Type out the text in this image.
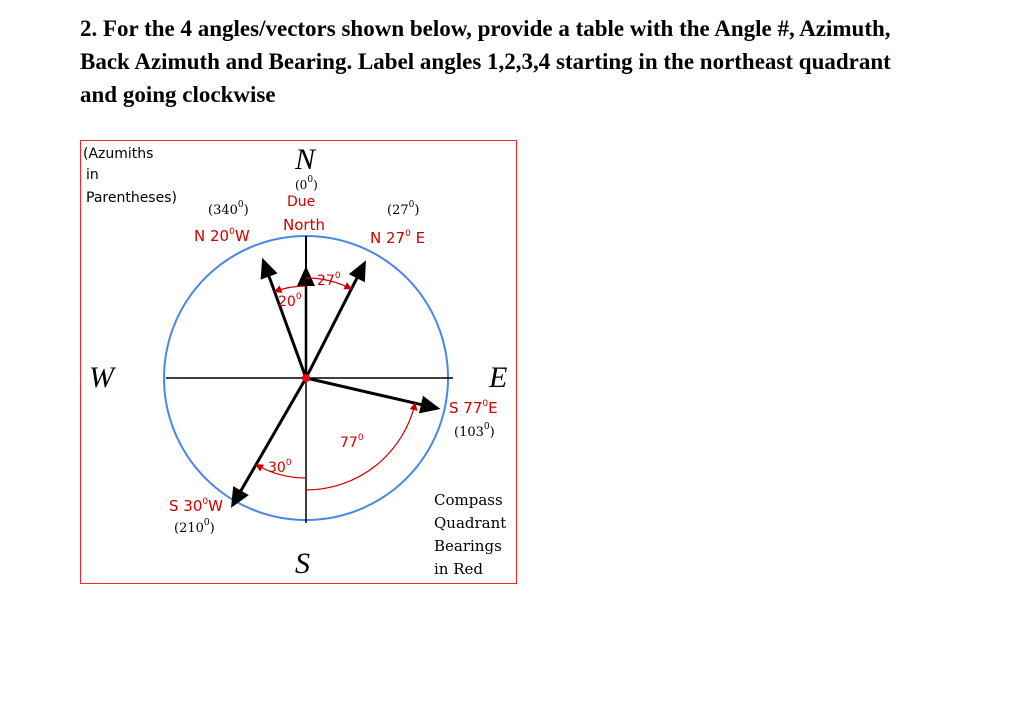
2. For the 4 angles/vectors shown below, provide a table with the Angle #, Azimuth,
Back Azimuth and Bearing. Label angles 1,2,3,4 starting in the northeast quadrant
and going clockwise
(Azumiths
in
Parentheses)
Compass
Quadrant
Bearings
in Red
N
S
E
W
$(0^0)$
Due
North
$(27^0)$
N $27^0$ E
$27^0$
$(340^0)$
N $20^0W$
$20^0$
S $77^0E$
$(103^0)$
$77^0$
S $30^0W$
$(210^0)$
$30^0$
